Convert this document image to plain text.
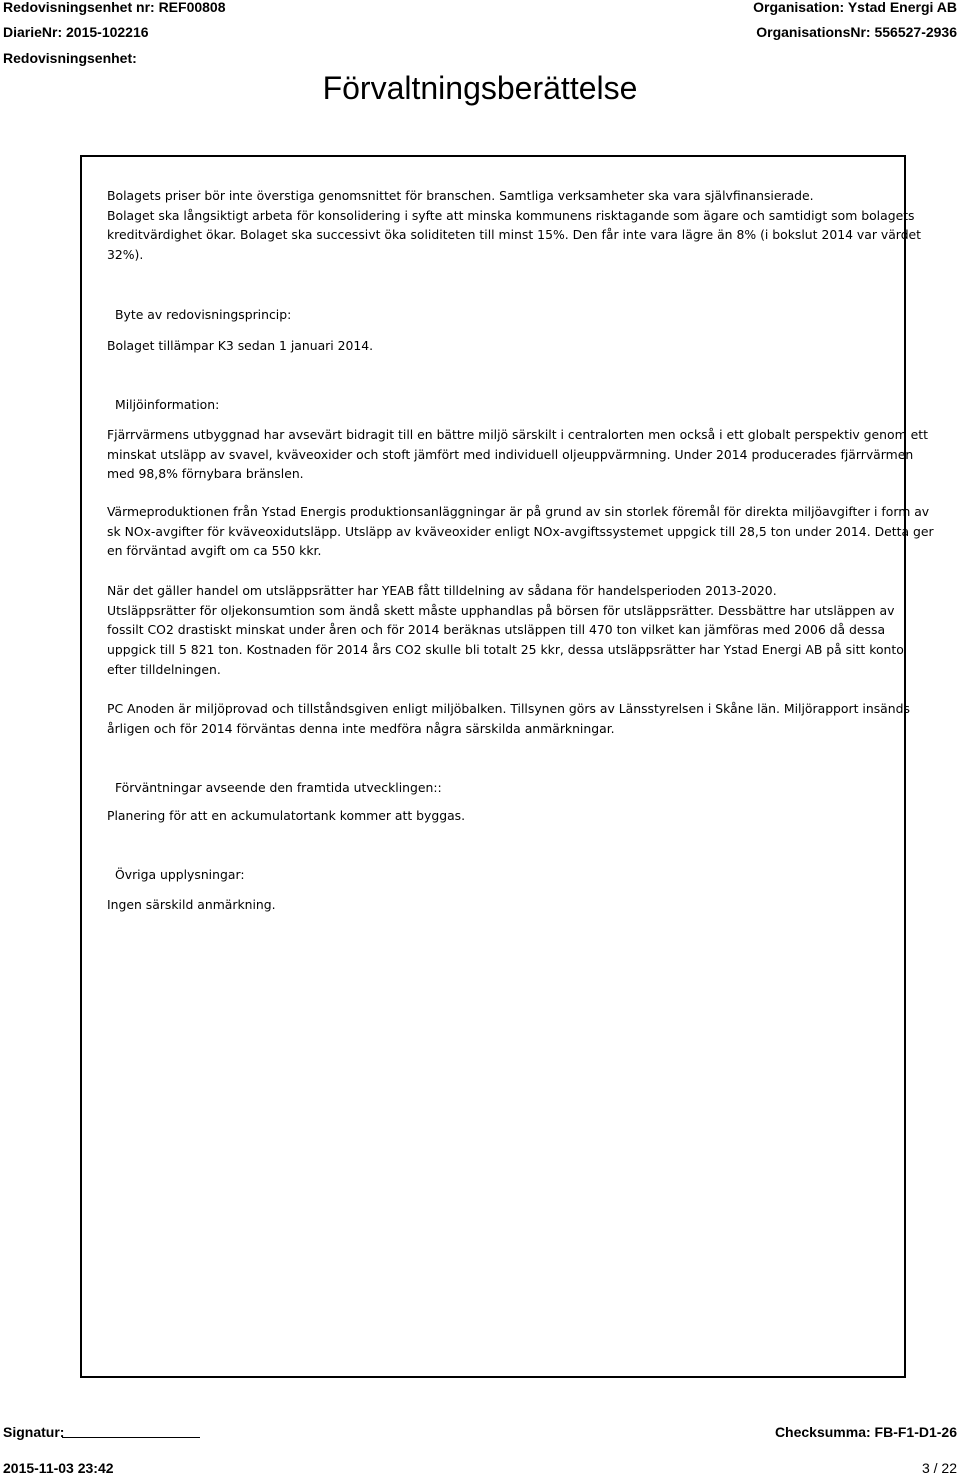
Redovisningsenhet nr: REF00808
DiarieNr: 2015-102216
Redovisningsenhet:
Organisation: Ystad Energi AB
OrganisationsNr: 556527-2936
Förvaltningsberättelse
Bolagets priser bör inte överstiga genomsnittet för branschen. Samtliga verksamheter ska vara självfinansierade.
Bolaget ska långsiktigt arbeta för konsolidering i syfte att minska kommunens risktagande som ägare och samtidigt som bolagets
kreditvärdighet ökar. Bolaget ska successivt öka soliditeten till minst 15%. Den får inte vara lägre än 8% (i bokslut 2014 var värdet
32%).
Byte av redovisningsprincip:
Bolaget tillämpar K3 sedan 1 januari 2014.
Miljöinformation:
Fjärrvärmens utbyggnad har avsevärt bidragit till en bättre miljö särskilt i centralorten men också i ett globalt perspektiv genom ett
minskat utsläpp av svavel, kväveoxider och stoft jämfört med individuell oljeuppvärmning. Under 2014 producerades fjärrvärmen
med 98,8% förnybara bränslen.
Värmeproduktionen från Ystad Energis produktionsanläggningar är på grund av sin storlek föremål för direkta miljöavgifter i form av
sk NOx-avgifter för kväveoxidutsläpp. Utsläpp av kväveoxider enligt NOx-avgiftssystemet uppgick till 28,5 ton under 2014. Detta ger
en förväntad avgift om ca 550 kkr.
När det gäller handel om utsläppsrätter har YEAB fått tilldelning av sådana för handelsperioden 2013-2020.
Utsläppsrätter för oljekonsumtion som ändå skett måste upphandlas på börsen för utsläppsrätter. Dessbättre har utsläppen av
fossilt CO2 drastiskt minskat under åren och för 2014 beräknas utsläppen till 470 ton vilket kan jämföras med 2006 då dessa
uppgick till 5 821 ton. Kostnaden för 2014 års CO2 skulle bli totalt 25 kkr, dessa utsläppsrätter har Ystad Energi AB på sitt konto
efter tilldelningen.
PC Anoden är miljöprovad och tillståndsgiven enligt miljöbalken. Tillsynen görs av Länsstyrelsen i Skåne län. Miljörapport insänds
årligen och för 2014 förväntas denna inte medföra några särskilda anmärkningar.
Förväntningar avseende den framtida utvecklingen::
Planering för att en ackumulatortank kommer att byggas.
Övriga upplysningar:
Ingen särskild anmärkning.
Signatur:	Checksumma: FB-F1-D1-26
2015-11-03 23:42	3 / 22
